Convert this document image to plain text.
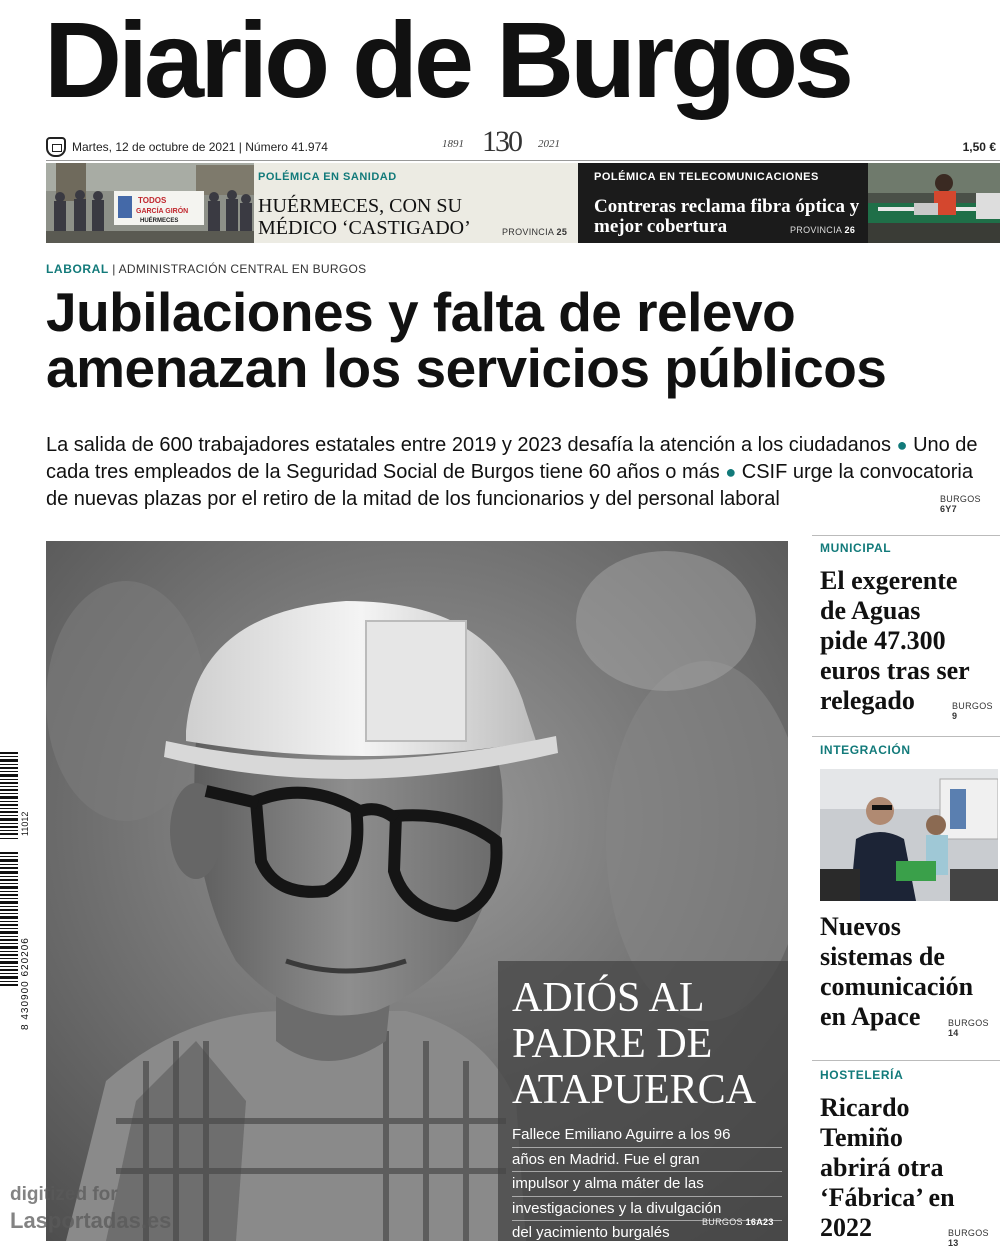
Diario de Burgos
Martes, 12 de octubre de 2021 | Número 41.974	1891 130 2021	1,50 €
TODOS
GARCÍA GIRÓN
HUÉRMECES
POLÉMICA EN SANIDAD
HUÉRMECES, CON SU
MÉDICO ‘CASTIGADO’	PROVINCIA 25
POLÉMICA EN TELECOMUNICACIONES
Contreras reclama fibra óptica y
mejor cobertura	PROVINCIA 26
LABORAL | ADMINISTRACIÓN CENTRAL EN BURGOS
Jubilaciones y falta de relevo
amenazan los servicios públicos
La salida de 600 trabajadores estatales entre 2019 y 2023 desafía la atención a los ciudadanos ● Uno de cada tres empleados de la Seguridad Social de Burgos tiene 60 años o más ● CSIF urge la convocatoria de nuevas plazas por el retiro de la mitad de los funcionarios y del personal laboral	BURGOS 6Y7
ADIÓS AL
PADRE DE
ATAPUERCA
Fallece Emiliano Aguirre a los 96
años en Madrid. Fue el gran
impulsor y alma máter de las
investigaciones y la divulgación
del yacimiento burgalés
BURGOS 16A23
MUNICIPAL
El exgerente
de Aguas
pide 47.300
euros tras ser
relegado	BURGOS 9
INTEGRACIÓN
Nuevos
sistemas de
comunicación
en Apace	BURGOS 14
HOSTELERÍA
Ricardo
Temiño
abrirá otra
‘Fábrica’ en
2022	BURGOS 13
11012
8 430900 620206
digitized for
Lasportadas.es
